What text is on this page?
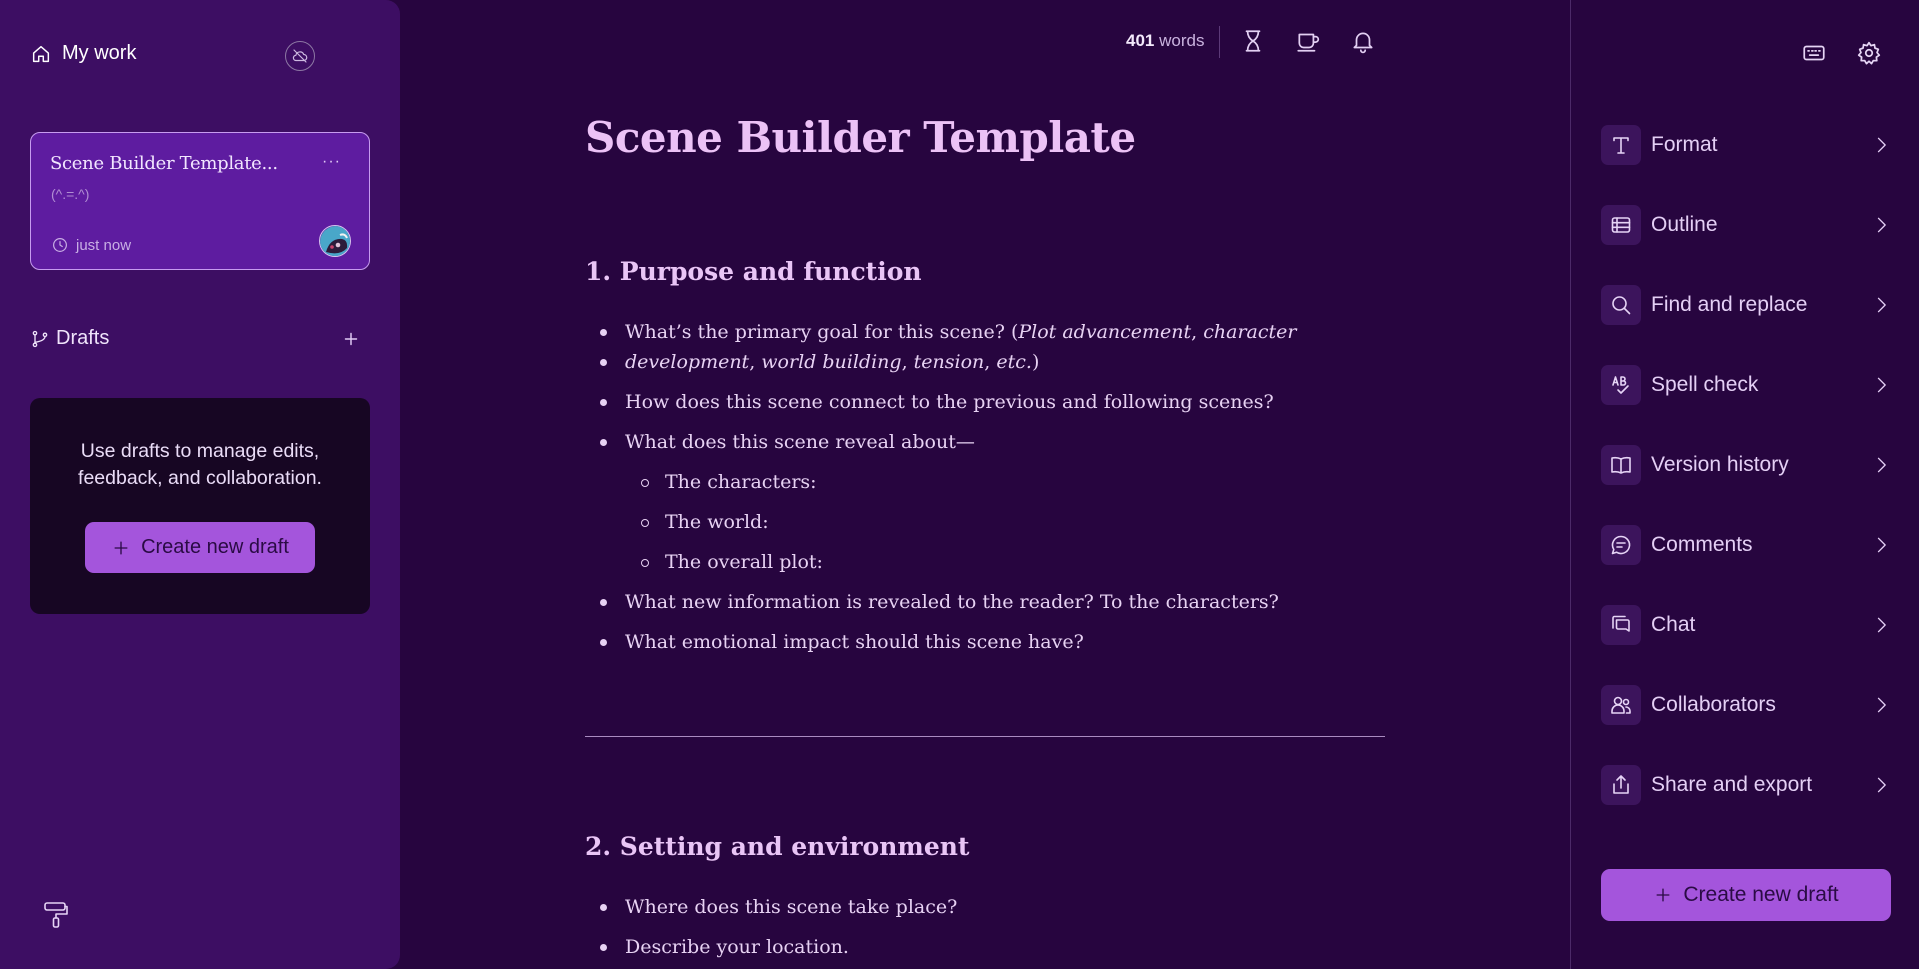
My work
Scene Builder Template...	···
(^.=.^)
just now
Drafts
Use drafts to manage edits, feedback, and collaboration.
Create new draft
401 words
Scene Builder Template
1. Purpose and function
What’s the primary goal for this scene? (Plot advancement, character
development, world building, tension, etc.)
How does this scene connect to the previous and following scenes?
What does this scene reveal about—
The characters:
The world:
The overall plot:
What new information is revealed to the reader? To the characters?
What emotional impact should this scene have?
2. Setting and environment
Where does this scene take place?
Describe your location.
Format
Outline
Find and replace
Spell check
Version history
Comments
Chat
Collaborators
Share and export
Create new draft
